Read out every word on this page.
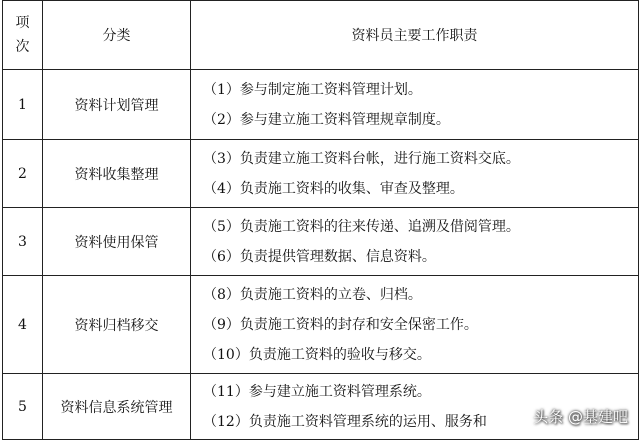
项
次	分类	资料员主要工作职责
1	资料计划管理	（1）参与制定施工资料管理计划。
（2）参与建立施工资料管理规章制度。

2	资料收集整理	（3）负责建立施工资料台帐，进行施工资料交底。
（4）负责施工资料的收集、审查及整理。

3	资料使用保管	（5）负责施工资料的往来传递、追溯及借阅管理。
（6）负责提供管理数据、信息资料。

4	资料归档移交	（8）负责施工资料的立卷、归档。
（9）负责施工资料的封存和安全保密工作。
（10）负责施工资料的验收与移交。

5	资料信息系统管理	（11）参与建立施工资料管理系统。
（12）负责施工资料管理系统的运用、服务和	头条 @基建吧
